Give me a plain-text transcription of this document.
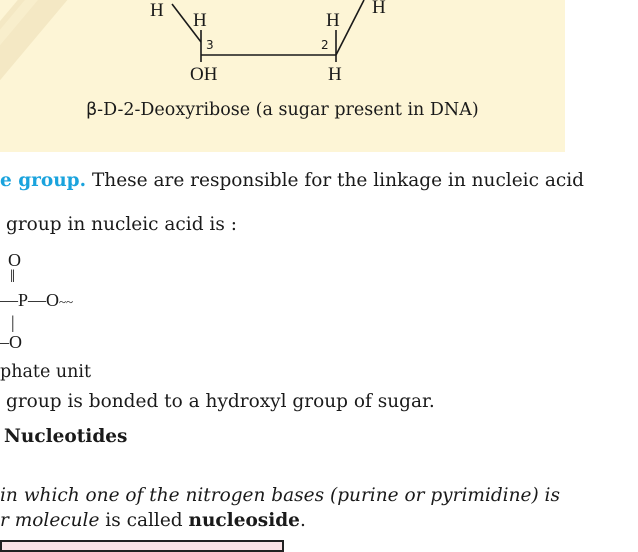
H H	H
H
3	2
OH	H
β-D-2-Deoxyribose (a sugar present in DNA)
e group. These are responsible for the linkage in nucleic acid
group in nucleic acid is :
O
‖
—P—O~~
|
–O
phate unit
group is bonded to a hydroxyl group of sugar.
Nucleotides
in which one of the nitrogen bases (purine or pyrimidine) is
r molecule is called nucleoside.
